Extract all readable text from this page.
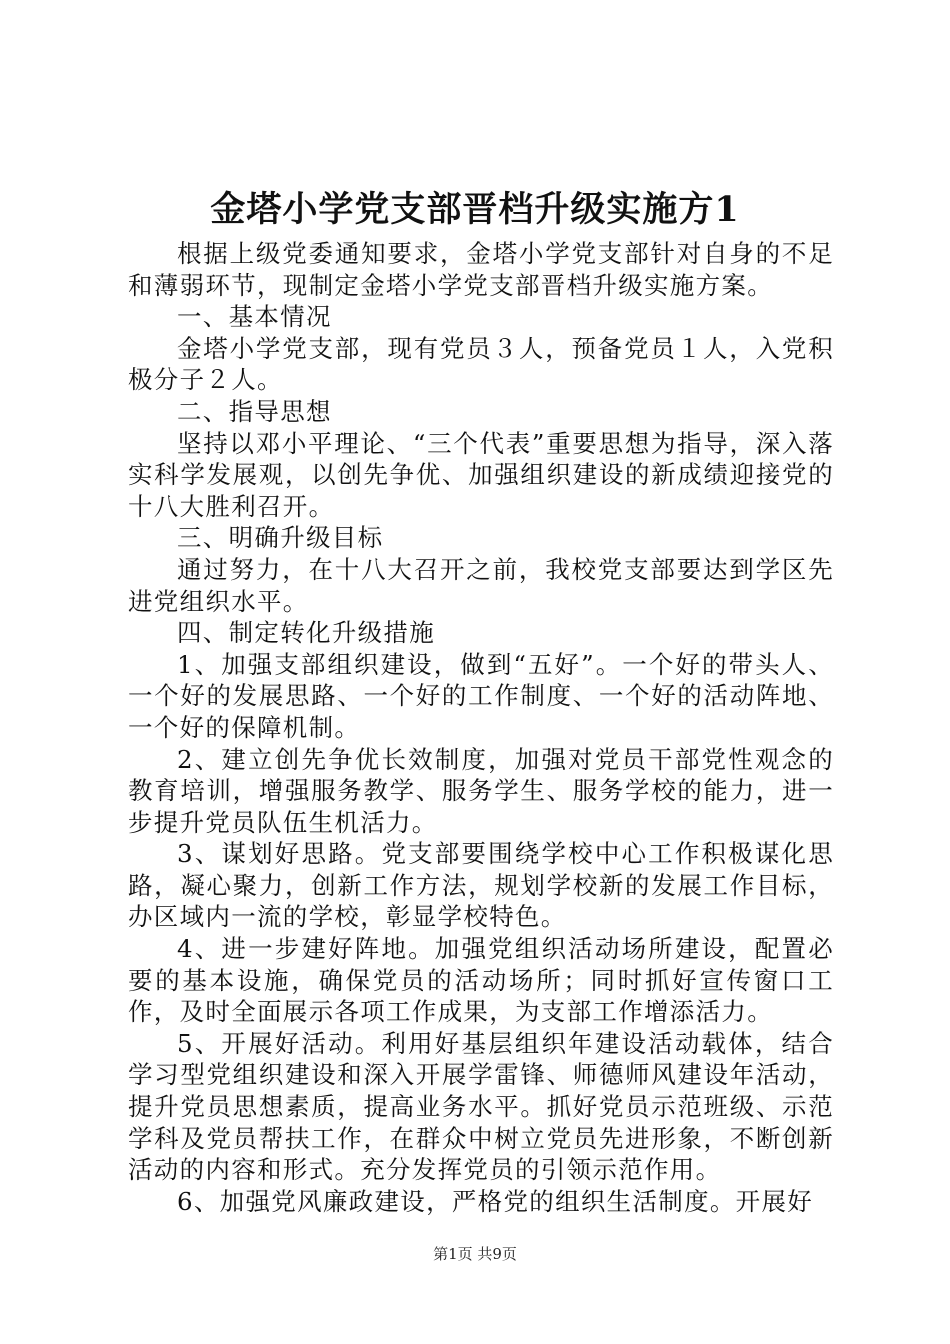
金塔小学党支部晋档升级实施方1

根据上级党委通知要求，金塔小学党支部针对自身的不足和薄弱环节，现制定金塔小学党支部晋档升级实施方案。

一、基本情况

金塔小学党支部，现有党员３人，预备党员１人，入党积极分子２人。

二、指导思想

坚持以邓小平理论、“三个代表”重要思想为指导，深入落实科学发展观，以创先争优、加强组织建设的新成绩迎接党的十八大胜利召开。

三、明确升级目标

通过努力，在十八大召开之前，我校党支部要达到学区先进党组织水平。

四、制定转化升级措施

1、加强支部组织建设，做到“五好”。一个好的带头人、一个好的发展思路、一个好的工作制度、一个好的活动阵地、一个好的保障机制。

2、建立创先争优长效制度，加强对党员干部党性观念的教育培训，增强服务教学、服务学生、服务学校的能力，进一步提升党员队伍生机活力。

3、谋划好思路。党支部要围绕学校中心工作积极谋化思路，凝心聚力，创新工作方法，规划学校新的发展工作目标，办区域内一流的学校，彰显学校特色。

4、进一步建好阵地。加强党组织活动场所建设，配置必要的基本设施，确保党员的活动场所；同时抓好宣传窗口工作，及时全面展示各项工作成果，为支部工作增添活力。

5、开展好活动。利用好基层组织年建设活动载体，结合学习型党组织建设和深入开展学雷锋、师德师风建设年活动，提升党员思想素质，提高业务水平。抓好党员示范班级、示范学科及党员帮扶工作，在群众中树立党员先进形象，不断创新活动的内容和形式。充分发挥党员的引领示范作用。

6、加强党风廉政建设，严格党的组织生活制度。开展好

第1页 共9页
